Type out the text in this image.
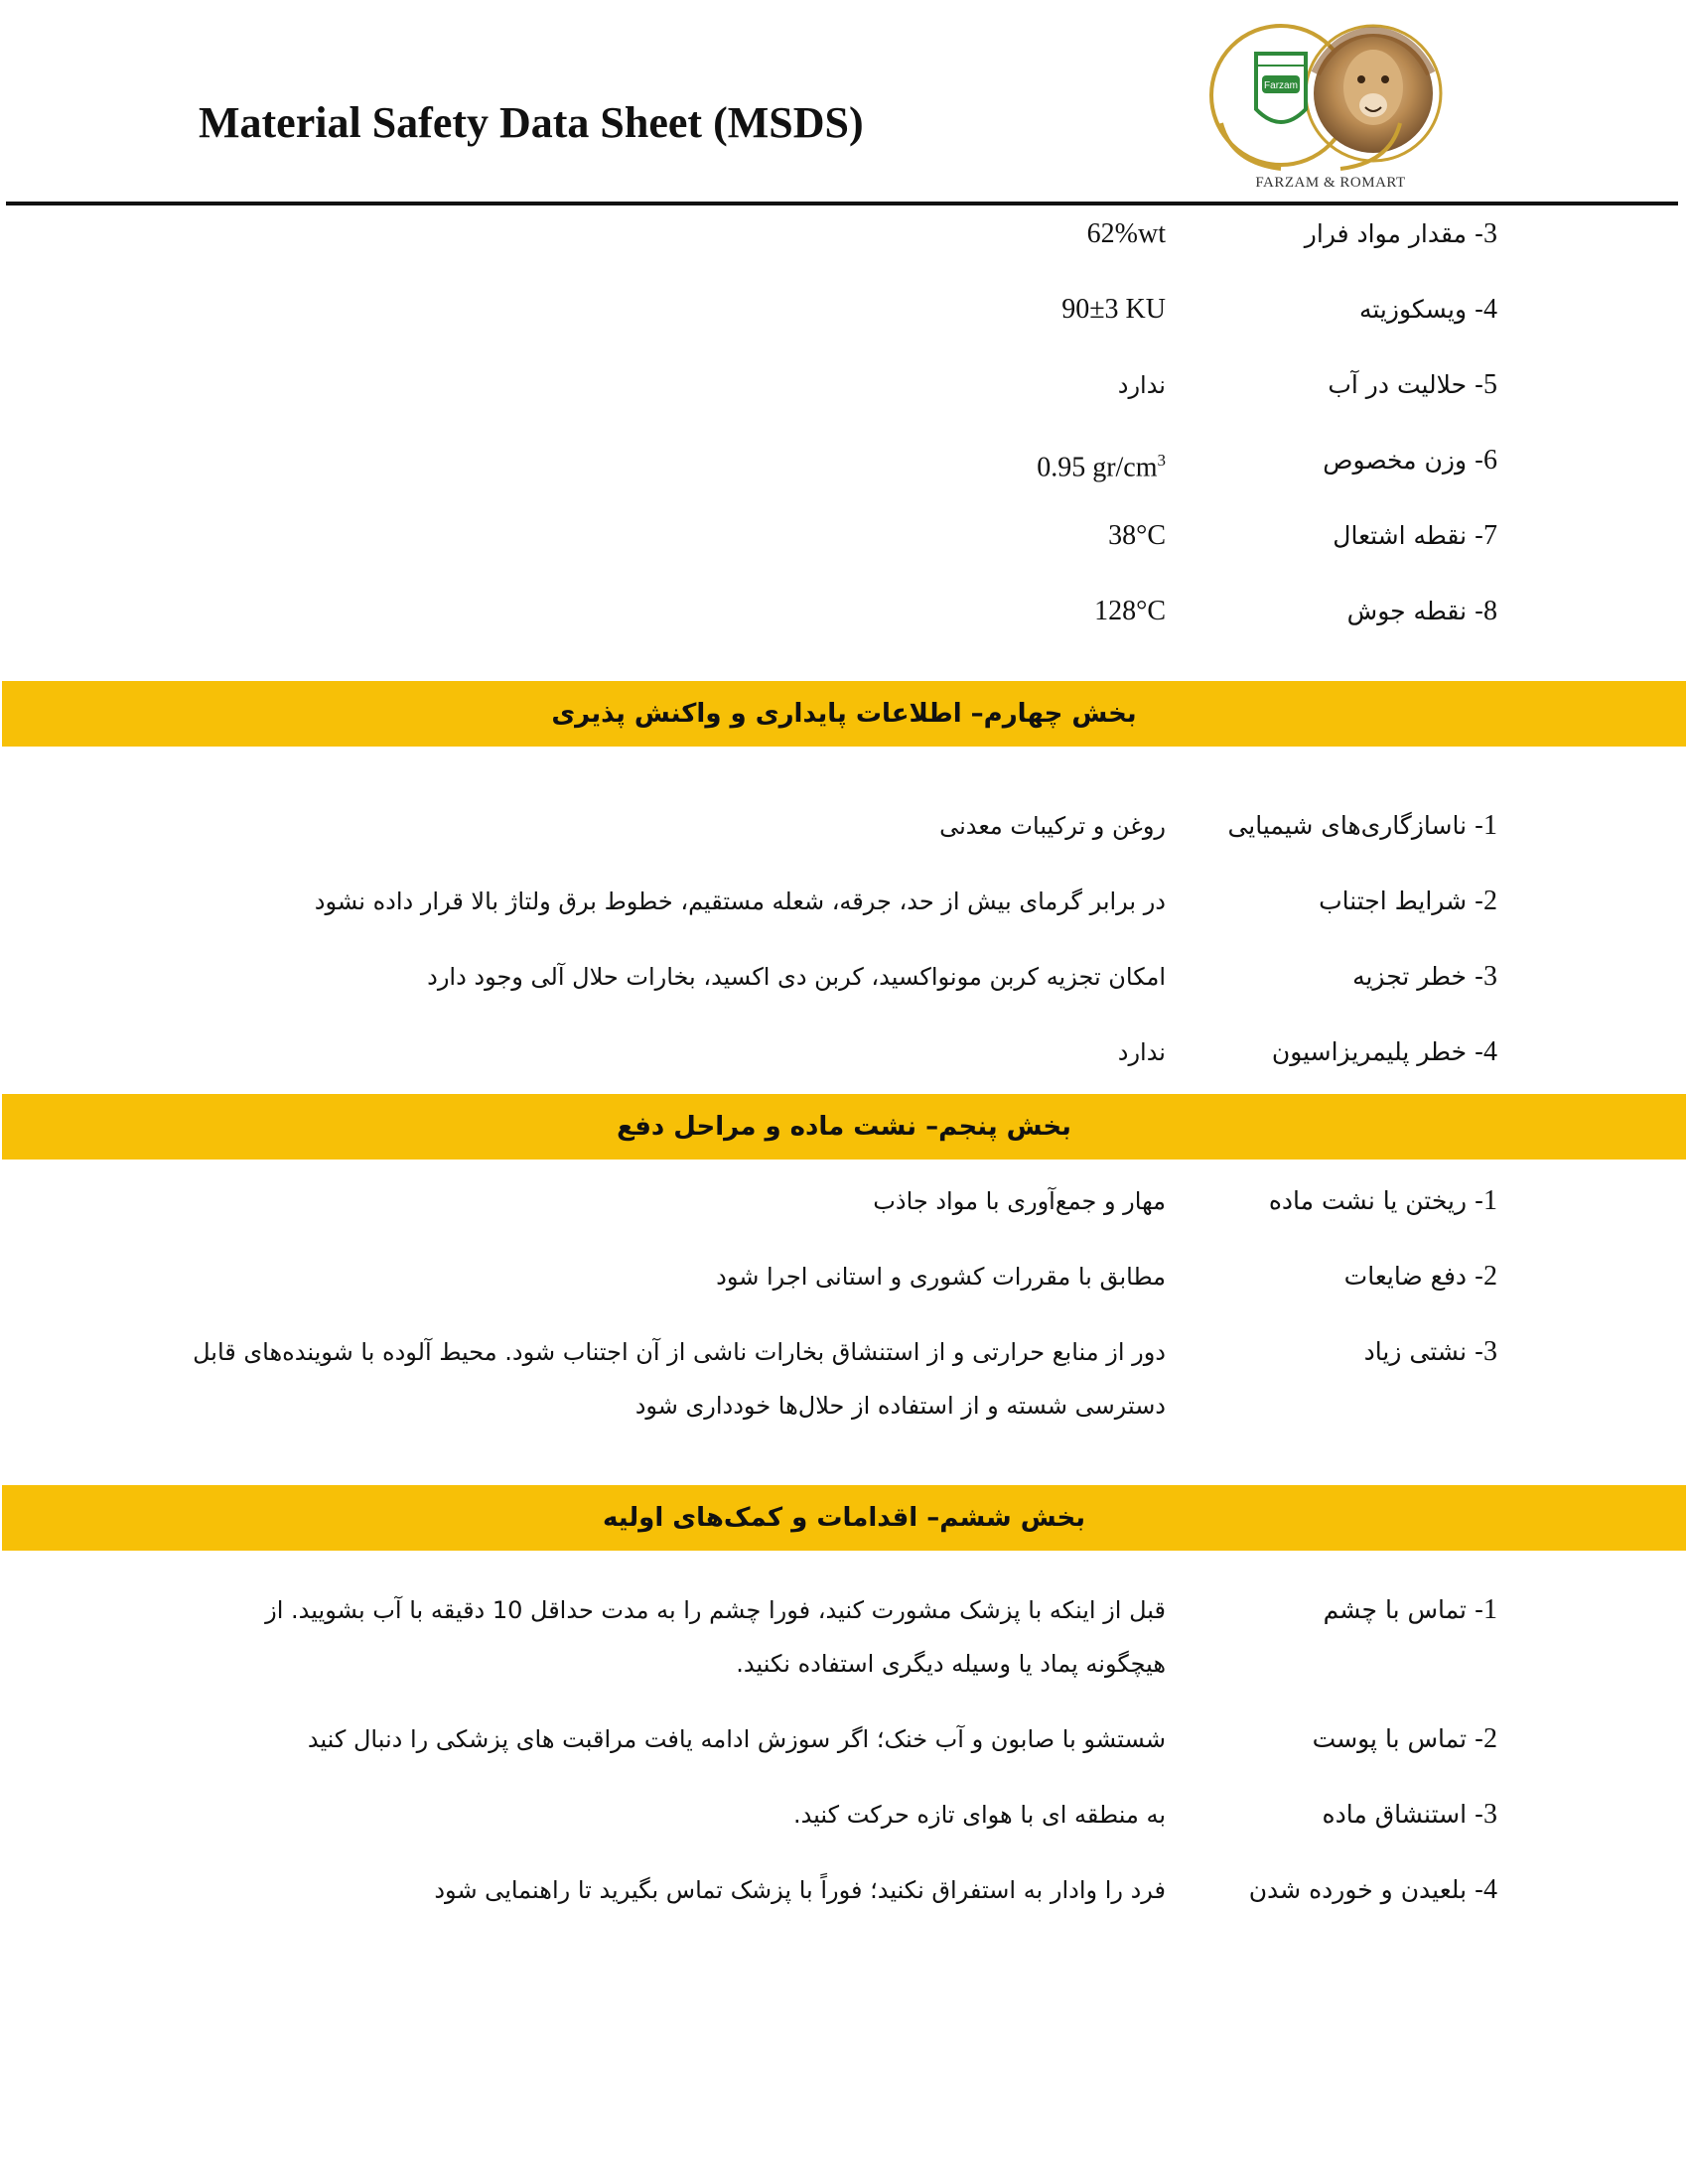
Material Safety Data Sheet (MSDS)
Farzam
FARZAM & ROMART
3- مقدار مواد فرار
62%wt
4- ویسکوزیته
90±3 KU
5- حلالیت در آب
ندارد
6- وزن مخصوص
0.95 $gr/cm^3$
7- نقطه اشتعال
38°C
8- نقطه جوش
128°C
بخش چهارم– اطلاعات پایداری و واکنش پذیری
1- ناسازگاری‌های شیمیایی
روغن و ترکیبات معدنی
2- شرایط اجتناب
در برابر گرمای بیش از حد، جرقه، شعله مستقیم، خطوط برق ولتاژ بالا قرار داده نشود
3- خطر تجزیه
امکان تجزیه کربن مونواکسید، کربن دی اکسید، بخارات حلال آلی وجود دارد
4- خطر پلیمریزاسیون
ندارد
بخش پنجم– نشت ماده و مراحل دفع
1- ریختن یا نشت ماده
مهار و جمع‌آوری با مواد جاذب
2- دفع ضایعات
مطابق با مقررات کشوری و استانی اجرا شود
3- نشتی زیاد
دور از منابع حرارتی و از استنشاق بخارات ناشی از آن اجتناب شود. محیط آلوده با شوینده‌های قابل دسترسی شسته و از استفاده از حلال‌ها خودداری شود
بخش ششم– اقدامات و کمک‌های اولیه
1- تماس با چشم
قبل از اینکه با پزشک مشورت کنید، فورا چشم را به مدت حداقل 10 دقیقه با آب بشویید. از هیچگونه پماد یا وسیله دیگری استفاده نکنید.
2- تماس با پوست
شستشو با صابون و آب خنک؛ اگر سوزش ادامه یافت مراقبت های پزشکی را دنبال کنید
3- استنشاق ماده
به منطقه ای با هوای تازه حرکت کنید.
4- بلعیدن و خورده شدن
فرد را وادار به استفراق نکنید؛ فوراً با پزشک تماس بگیرید تا راهنمایی شود
